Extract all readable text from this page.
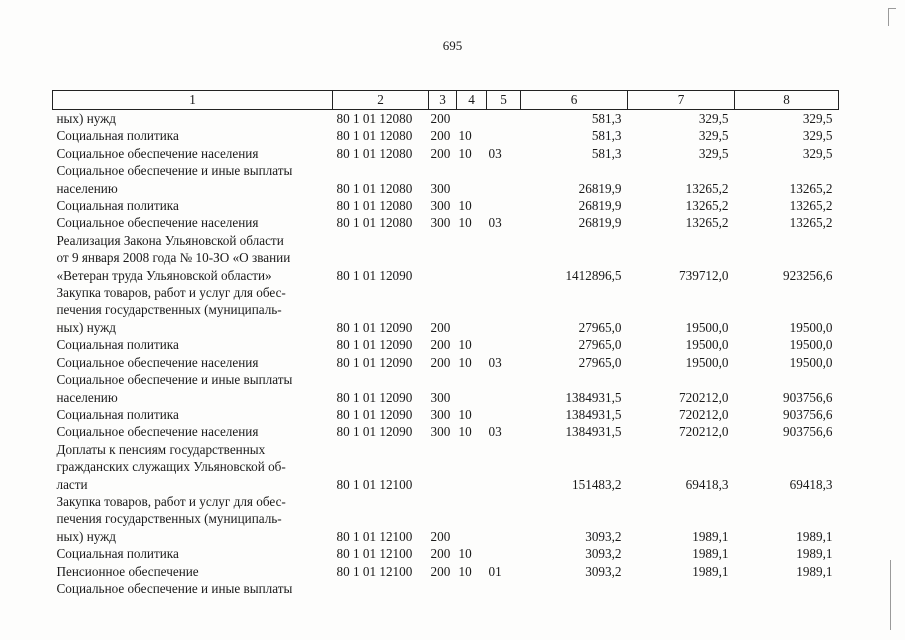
695
1	2	3	4	5	6	7	8
ных) нужд	80 1 01 12080	200			581,3	329,5	329,5
Социальная политика	80 1 01 12080	200	10		581,3	329,5	329,5
Социальное обеспечение населения	80 1 01 12080	200	10	03	581,3	329,5	329,5
Социальное обеспечение и иные выплаты							
населению	80 1 01 12080	300			26819,9	13265,2	13265,2
Социальная политика	80 1 01 12080	300	10		26819,9	13265,2	13265,2
Социальное обеспечение населения	80 1 01 12080	300	10	03	26819,9	13265,2	13265,2
Реализация Закона Ульяновской области							
от 9 января 2008 года № 10-ЗО «О звании							
«Ветеран труда Ульяновской области»	80 1 01 12090				1412896,5	739712,0	923256,6
Закупка товаров, работ и услуг для обес-							
печения государственных (муниципаль-							
ных) нужд	80 1 01 12090	200			27965,0	19500,0	19500,0
Социальная политика	80 1 01 12090	200	10		27965,0	19500,0	19500,0
Социальное обеспечение населения	80 1 01 12090	200	10	03	27965,0	19500,0	19500,0
Социальное обеспечение и иные выплаты							
населению	80 1 01 12090	300			1384931,5	720212,0	903756,6
Социальная политика	80 1 01 12090	300	10		1384931,5	720212,0	903756,6
Социальное обеспечение населения	80 1 01 12090	300	10	03	1384931,5	720212,0	903756,6
Доплаты к пенсиям государственных							
гражданских служащих Ульяновской об-							
ласти	80 1 01 12100				151483,2	69418,3	69418,3
Закупка товаров, работ и услуг для обес-							
печения государственных (муниципаль-							
ных) нужд	80 1 01 12100	200			3093,2	1989,1	1989,1
Социальная политика	80 1 01 12100	200	10		3093,2	1989,1	1989,1
Пенсионное обеспечение	80 1 01 12100	200	10	01	3093,2	1989,1	1989,1
Социальное обеспечение и иные выплаты							
